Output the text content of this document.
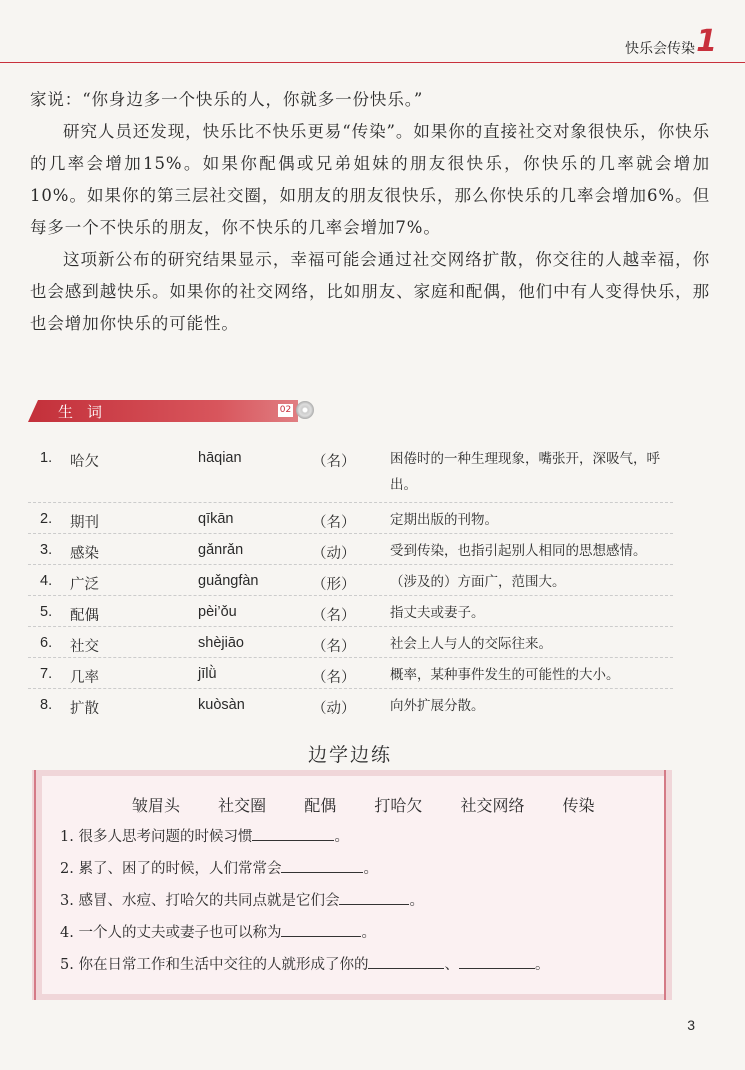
快乐会传染 1

家说：“你身边多一个快乐的人，你就多一份快乐。”

研究人员还发现，快乐比不快乐更易“传染”。如果你的直接社交对象很快乐，你快乐的几率会增加15%。如果你配偶或兄弟姐妹的朋友很快乐，你快乐的几率就会增加10%。如果你的第三层社交圈，如朋友的朋友很快乐，那么你快乐的几率会增加6%。但每多一个不快乐的朋友，你不快乐的几率会增加7%。

这项新公布的研究结果显示，幸福可能会通过社交网络扩散，你交往的人越幸福，你也会感到越快乐。如果你的社交网络，比如朋友、家庭和配偶，他们中有人变得快乐，那也会增加你快乐的可能性。

生词	02
1. 哈欠	hāqian	（名）	困倦时的一种生理现象，嘴张开，深吸气，呼出。
2. 期刊	qīkān	（名）	定期出版的刊物。
3. 感染	gǎnrǎn	（动）	受到传染，也指引起别人相同的思想感情。
4. 广泛	guǎngfàn	（形）	（涉及的）方面广，范围大。
5. 配偶	pèi’ǒu	（名）	指丈夫或妻子。
6. 社交	shèjiāo	（名）	社会上人与人的交际往来。
7. 几率	jīlǜ	（名）	概率，某种事件发生的可能性的大小。
8. 扩散	kuòsàn	（动）	向外扩展分散。
边学边练
皱眉头 社交圈 配偶 打哈欠 社交网络 传染
1. 很多人思考问题的时候习惯	。
2. 累了、困了的时候，人们常常会	。
3. 感冒、水痘、打哈欠的共同点就是它们会	。
4. 一个人的丈夫或妻子也可以称为	。
5. 你在日常工作和生活中交往的人就形成了你的	、	。
3
